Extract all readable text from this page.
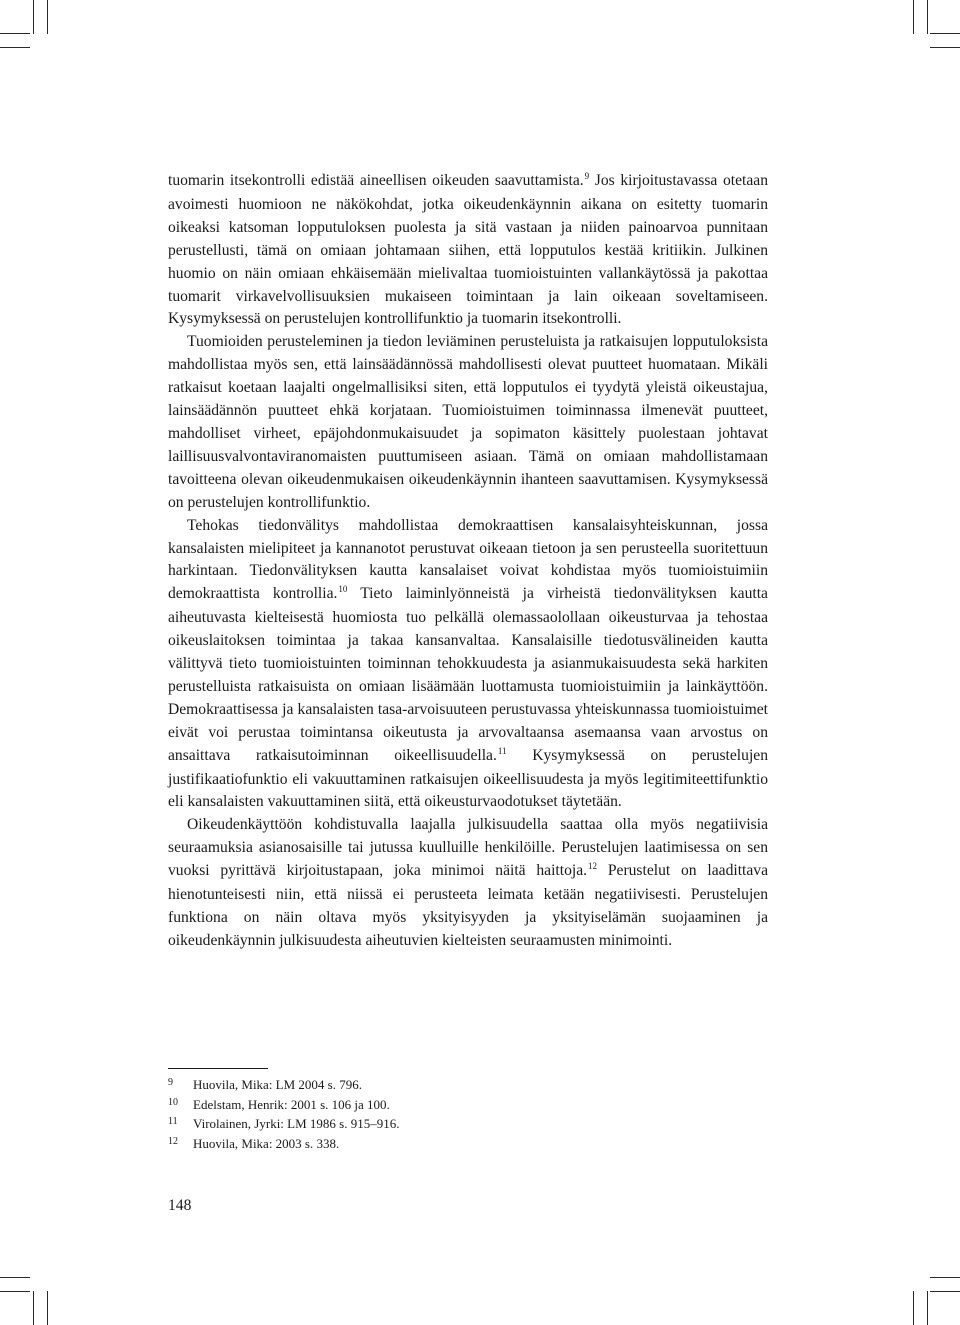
tuomarin itsekontrolli edistää aineellisen oikeuden saavuttamista.$^9$ Jos kirjoitustavassa otetaan avoimesti huomioon ne näkökohdat, jotka oikeudenkäynnin aikana on esitetty tuomarin oikeaksi katsoman lopputuloksen puolesta ja sitä vastaan ja niiden painoarvoa punnitaan perustellusti, tämä on omiaan johtamaan siihen, että lopputulos kestää kritiikin. Julkinen huomio on näin omiaan ehkäisemään mielivaltaa tuomioistuinten vallankäytössä ja pakottaa tuomarit virkavelvollisuuksien mukaiseen toimintaan ja lain oikeaan soveltamiseen. Kysymyksessä on perustelujen kontrollifunktio ja tuomarin itsekontrolli.

Tuomioiden perusteleminen ja tiedon leviäminen perusteluista ja ratkaisujen lopputuloksista mahdollistaa myös sen, että lainsäädännössä mahdollisesti olevat puutteet huomataan. Mikäli ratkaisut koetaan laajalti ongelmallisiksi siten, että lopputulos ei tyydytä yleistä oikeustajua, lainsäädännön puutteet ehkä korjataan. Tuomioistuimen toiminnassa ilmenevät puutteet, mahdolliset virheet, epäjohdonmukaisuudet ja sopimaton käsittely puolestaan johtavat laillisuusvalvontaviranomaisten puuttumiseen asiaan. Tämä on omiaan mahdollistamaan tavoitteena olevan oikeudenmukaisen oikeudenkäynnin ihanteen saavuttamisen. Kysymyksessä on perustelujen kontrollifunktio.

Tehokas tiedonvälitys mahdollistaa demokraattisen kansalaisyhteiskunnan, jossa kansalaisten mielipiteet ja kannanotot perustuvat oikeaan tietoon ja sen perusteella suoritettuun harkintaan. Tiedonvälityksen kautta kansalaiset voivat kohdistaa myös tuomioistuimiin demokraattista kontrollia.$^{10}$ Tieto laiminlyönneistä ja virheistä tiedonvälityksen kautta aiheutuvasta kielteisestä huomiosta tuo pelkällä olemassaolollaan oikeusturvaa ja tehostaa oikeuslaitoksen toimintaa ja takaa kansanvaltaa. Kansalaisille tiedotusvälineiden kautta välittyvä tieto tuomioistuinten toiminnan tehokkuudesta ja asianmukaisuudesta sekä harkiten perustelluista ratkaisuista on omiaan lisäämään luottamusta tuomioistuimiin ja lainkäyttöön. Demokraattisessa ja kansalaisten tasa-arvoisuuteen perustuvassa yhteiskunnassa tuomioistuimet eivät voi perustaa toimintansa oikeutusta ja arvovaltaansa asemaansa vaan arvostus on ansaittava ratkaisutoiminnan oikeellisuudella.$^{11}$ Kysymyksessä on perustelujen justifikaatiofunktio eli vakuuttaminen ratkaisujen oikeellisuudesta ja myös legitimiteettifunktio eli kansalaisten vakuuttaminen siitä, että oikeusturvaodotukset täytetään.

Oikeudenkäyttöön kohdistuvalla laajalla julkisuudella saattaa olla myös negatiivisia seuraamuksia asianosaisille tai jutussa kuulluille henkilöille. Perustelujen laatimisessa on sen vuoksi pyrittävä kirjoitustapaan, joka minimoi näitä haittoja.$^{12}$ Perustelut on laadittava hienotunteisesti niin, että niissä ei perusteeta leimata ketään negatiivisesti. Perustelujen funktiona on näin oltava myös yksityisyyden ja yksityiselämän suojaaminen ja oikeudenkäynnin julkisuudesta aiheutuvien kielteisten seuraamusten minimointi.

9	Huovila, Mika: LM 2004 s. 796.
10	Edelstam, Henrik: 2001 s. 106 ja 100.
11	Virolainen, Jyrki: LM 1986 s. 915–916.
12	Huovila, Mika: 2003 s. 338.
148
